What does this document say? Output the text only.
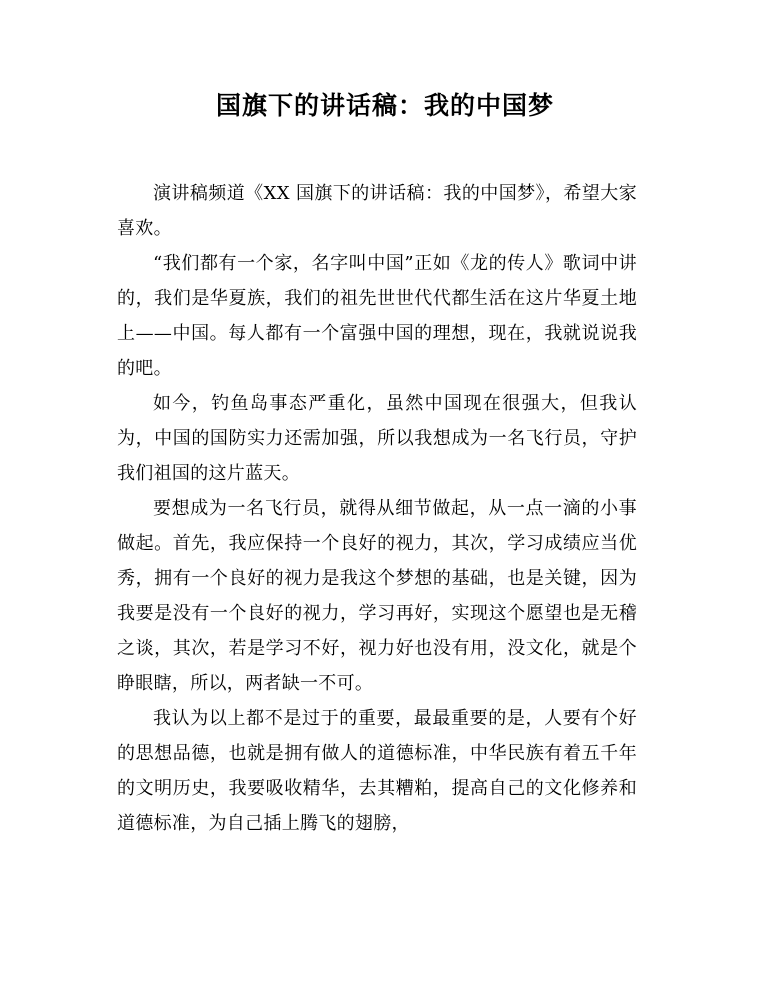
国旗下的讲话稿：我的中国梦

演讲稿频道《XX 国旗下的讲话稿：我的中国梦》，希望大家喜欢。

“我们都有一个家，名字叫中国”正如《龙的传人》歌词中讲的，我们是华夏族，我们的祖先世世代代都生活在这片华夏土地上——中国。每人都有一个富强中国的理想，现在，我就说说我的吧。

如今，钓鱼岛事态严重化，虽然中国现在很强大，但我认为，中国的国防实力还需加强，所以我想成为一名飞行员，守护我们祖国的这片蓝天。

要想成为一名飞行员，就得从细节做起，从一点一滴的小事做起。首先，我应保持一个良好的视力，其次，学习成绩应当优秀，拥有一个良好的视力是我这个梦想的基础，也是关键，因为我要是没有一个良好的视力，学习再好，实现这个愿望也是无稽之谈，其次，若是学习不好，视力好也没有用，没文化，就是个睁眼瞎，所以，两者缺一不可。

我认为以上都不是过于的重要，最最重要的是，人要有个好的思想品德，也就是拥有做人的道德标准，中华民族有着五千年的文明历史，我要吸收精华，去其糟粕，提高自己的文化修养和道德标准，为自己插上腾飞的翅膀，
